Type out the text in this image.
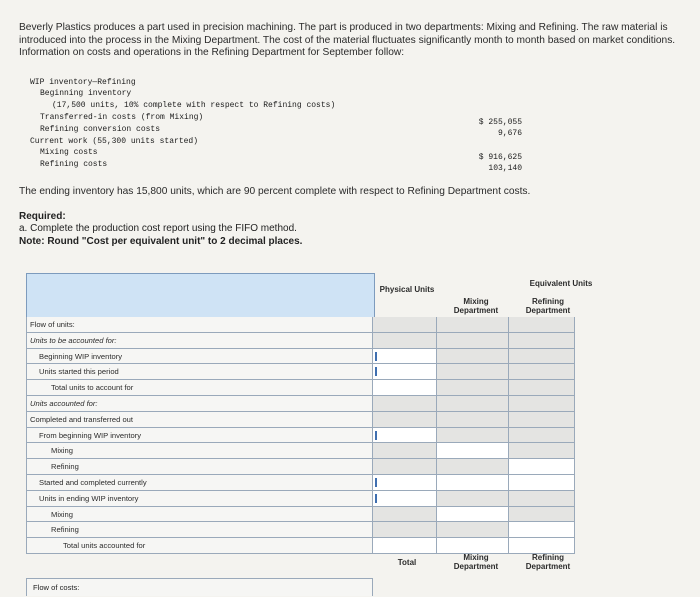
Beverly Plastics produces a part used in precision machining. The part is produced in two departments: Mixing and Refining. The raw material is introduced into the process in the Mixing Department. The cost of the material fluctuates significantly month to month based on market conditions. Information on costs and operations in the Refining Department for September follow:
WIP inventory—Refining
Beginning inventory
(17,500 units, 10% complete with respect to Refining costs)
Transferred-in costs (from Mixing)
Refining conversion costs
Current work (55,300 units started)
Mixing costs
Refining costs
$ 255,055
9,676
$ 916,625
103,140
The ending inventory has 15,800 units, which are 90 percent complete with respect to Refining Department costs.
Required:
a. Complete the production cost report using the FIFO method.
Note: Round "Cost per equivalent unit" to 2 decimal places.
Physical Units
Equivalent Units
Mixing Department
Refining Department
Flow of units:
Units to be accounted for:
Beginning WIP inventory
Units started this period
Total units to account for
Units accounted for:
Completed and transferred out
From beginning WIP inventory
Mixing
Refining
Started and completed currently
Units in ending WIP inventory
Mixing
Refining
Total units accounted for
Total
Mixing Department
Refining Department
Flow of costs:
